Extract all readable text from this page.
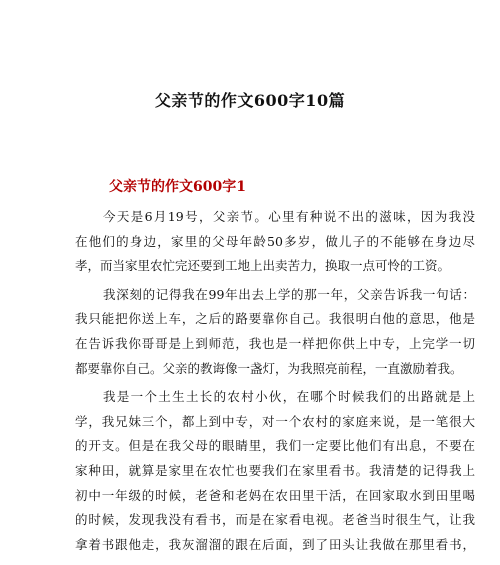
父亲节的作文600字10篇
父亲节的作文600字1
今天是6月19号，父亲节。心里有种说不出的滋味，因为我没
在他们的身边，家里的父母年龄50多岁，做儿子的不能够在身边尽
孝，而当家里农忙完还要到工地上出卖苦力，换取一点可怜的工资。
我深刻的记得我在99年出去上学的那一年，父亲告诉我一句话：
我只能把你送上车，之后的路要靠你自己。我很明白他的意思，他是
在告诉我你哥哥是上到师范，我也是一样把你供上中专，上完学一切
都要靠你自己。父亲的教诲像一盏灯，为我照亮前程，一直激励着我。
我是一个土生土长的农村小伙，在哪个时候我们的出路就是上
学，我兄妹三个，都上到中专，对一个农村的家庭来说，是一笔很大
的开支。但是在我父母的眼睛里，我们一定要比他们有出息，不要在
家种田，就算是家里在农忙也要我们在家里看书。我清楚的记得我上
初中一年级的时候，老爸和老妈在农田里干活，在回家取水到田里喝
的时候，发现我没有看书，而是在家看电视。老爸当时很生气，让我
拿着书跟他走，我灰溜溜的跟在后面，到了田头让我做在那里看书，
